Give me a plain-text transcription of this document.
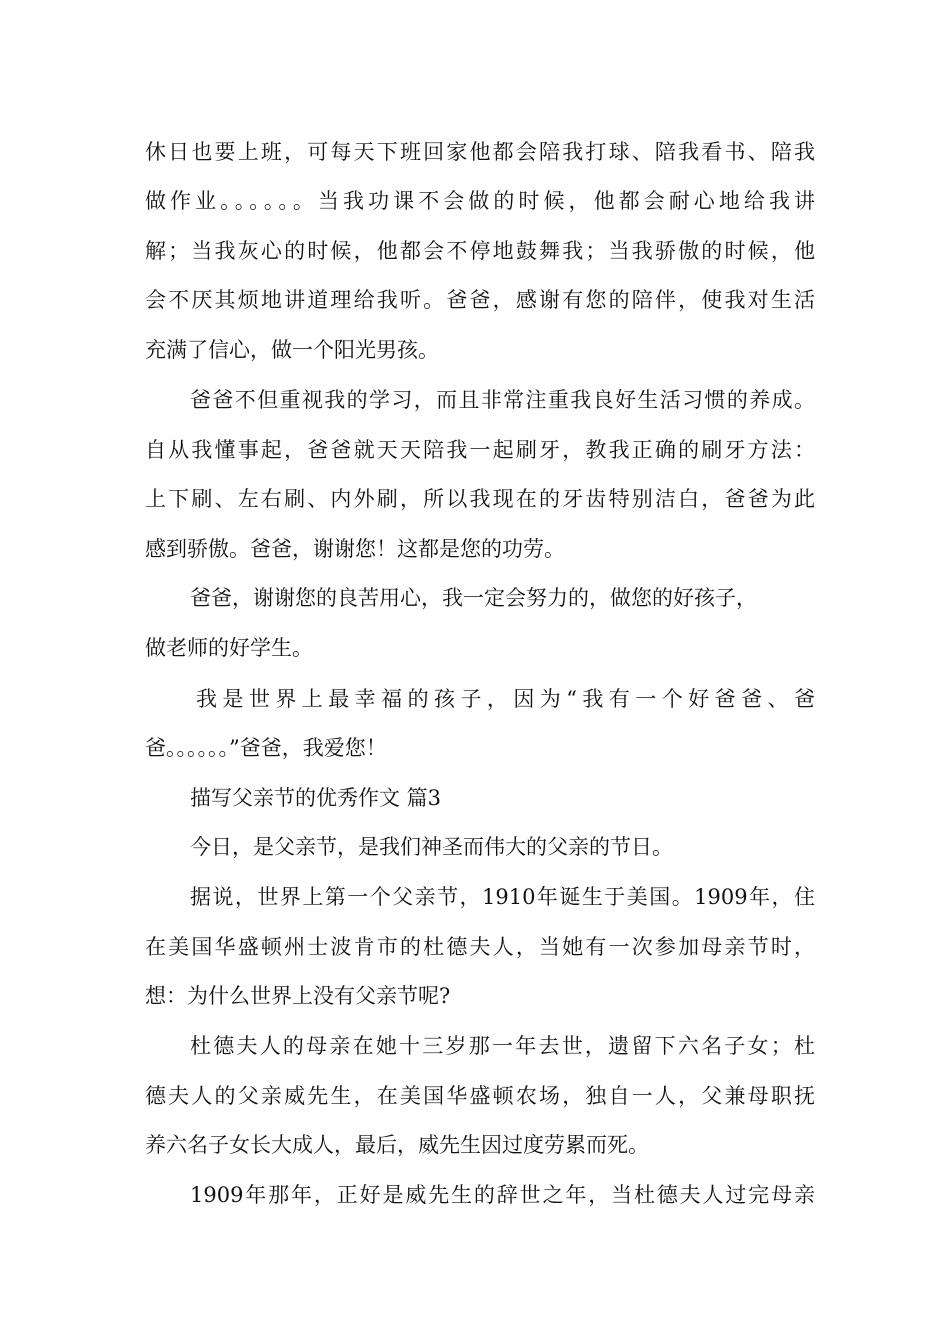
休日也要上班，可每天下班回家他都会陪我打球、陪我看书、陪我
做作业。。。。。。当我功课不会做的时候，他都会耐心地给我讲
解；当我灰心的时候，他都会不停地鼓舞我；当我骄傲的时候，他
会不厌其烦地讲道理给我听。爸爸，感谢有您的陪伴，使我对生活
充满了信心，做一个阳光男孩。
爸爸不但重视我的学习，而且非常注重我良好生活习惯的养成。
自从我懂事起，爸爸就天天陪我一起刷牙，教我正确的刷牙方法：
上下刷、左右刷、内外刷，所以我现在的牙齿特别洁白，爸爸为此
感到骄傲。爸爸，谢谢您！这都是您的功劳。
爸爸，谢谢您的良苦用心，我一定会努力的，做您的好孩子，
做老师的好学生。
我是世界上最幸福的孩子，因为“我有一个好爸爸、爸
爸。。。。。。”爸爸，我爱您！
描写父亲节的优秀作文 篇3
今日，是父亲节，是我们神圣而伟大的父亲的节日。
据说，世界上第一个父亲节，1910年诞生于美国。1909年，住
在美国华盛顿州士波肯市的杜德夫人，当她有一次参加母亲节时，
想：为什么世界上没有父亲节呢?
杜德夫人的母亲在她十三岁那一年去世，遗留下六名子女；杜
德夫人的父亲威先生，在美国华盛顿农场，独自一人，父兼母职抚
养六名子女长大成人，最后，威先生因过度劳累而死。
1909年那年，正好是威先生的辞世之年，当杜德夫人过完母亲
